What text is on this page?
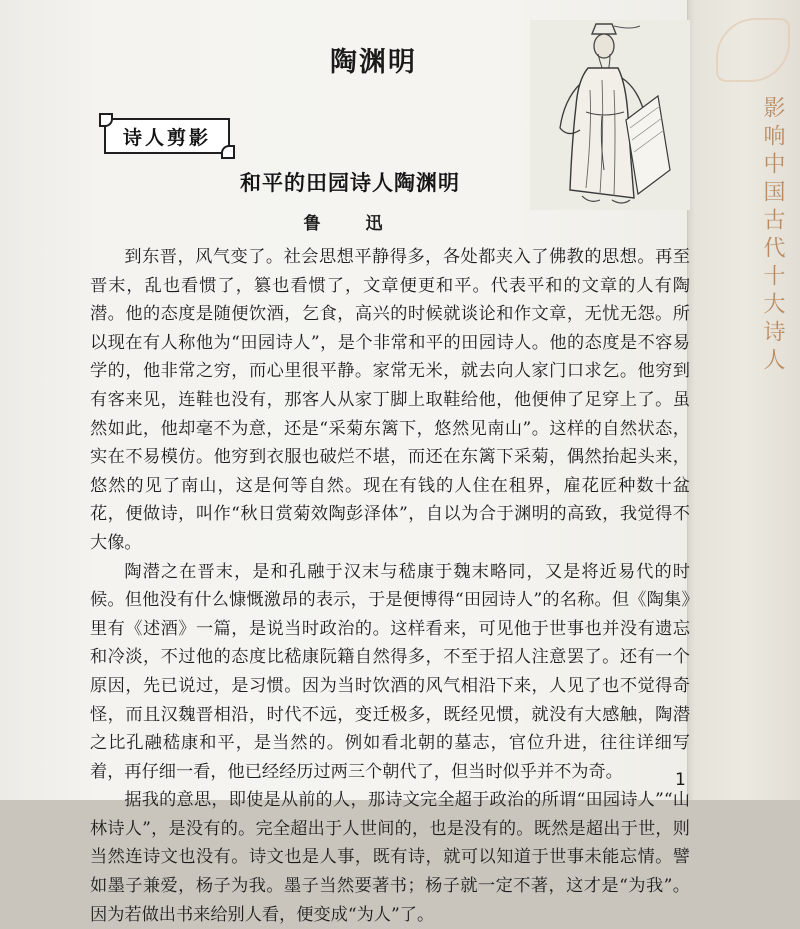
影响中国古代十大诗人
陶渊明
诗人剪影
和平的田园诗人陶渊明
鲁　迅

到东晋，风气变了。社会思想平静得多，各处都夹入了佛教的思想。再至晋末，乱也看惯了，篡也看惯了，文章便更和平。代表平和的文章的人有陶潜。他的态度是随便饮酒，乞食，高兴的时候就谈论和作文章，无忧无怨。所以现在有人称他为“田园诗人”，是个非常和平的田园诗人。他的态度是不容易学的，他非常之穷，而心里很平静。家常无米，就去向人家门口求乞。他穷到有客来见，连鞋也没有，那客人从家丁脚上取鞋给他，他便伸了足穿上了。虽然如此，他却毫不为意，还是“采菊东篱下，悠然见南山”。这样的自然状态，实在不易模仿。他穷到衣服也破烂不堪，而还在东篱下采菊，偶然抬起头来，悠然的见了南山，这是何等自然。现在有钱的人住在租界，雇花匠种数十盆花，便做诗，叫作“秋日赏菊效陶彭泽体”，自以为合于渊明的高致，我觉得不大像。

陶潜之在晋末，是和孔融于汉末与嵇康于魏末略同，又是将近易代的时候。但他没有什么慷慨激昂的表示，于是便博得“田园诗人”的名称。但《陶集》里有《述酒》一篇，是说当时政治的。这样看来，可见他于世事也并没有遗忘和冷淡，不过他的态度比嵇康阮籍自然得多，不至于招人注意罢了。还有一个原因，先已说过，是习惯。因为当时饮酒的风气相沿下来，人见了也不觉得奇怪，而且汉魏晋相沿，时代不远，变迁极多，既经见惯，就没有大感触，陶潜之比孔融嵇康和平，是当然的。例如看北朝的墓志，官位升进，往往详细写着，再仔细一看，他已经经历过两三个朝代了，但当时似乎并不为奇。

据我的意思，即使是从前的人，那诗文完全超于政治的所谓“田园诗人”“山林诗人”，是没有的。完全超出于人世间的，也是没有的。既然是超出于世，则当然连诗文也没有。诗文也是人事，既有诗，就可以知道于世事未能忘情。譬如墨子兼爱，杨子为我。墨子当然要著书；杨子就一定不著，这才是“为我”。因为若做出书来给别人看，便变成“为人”了。

1
